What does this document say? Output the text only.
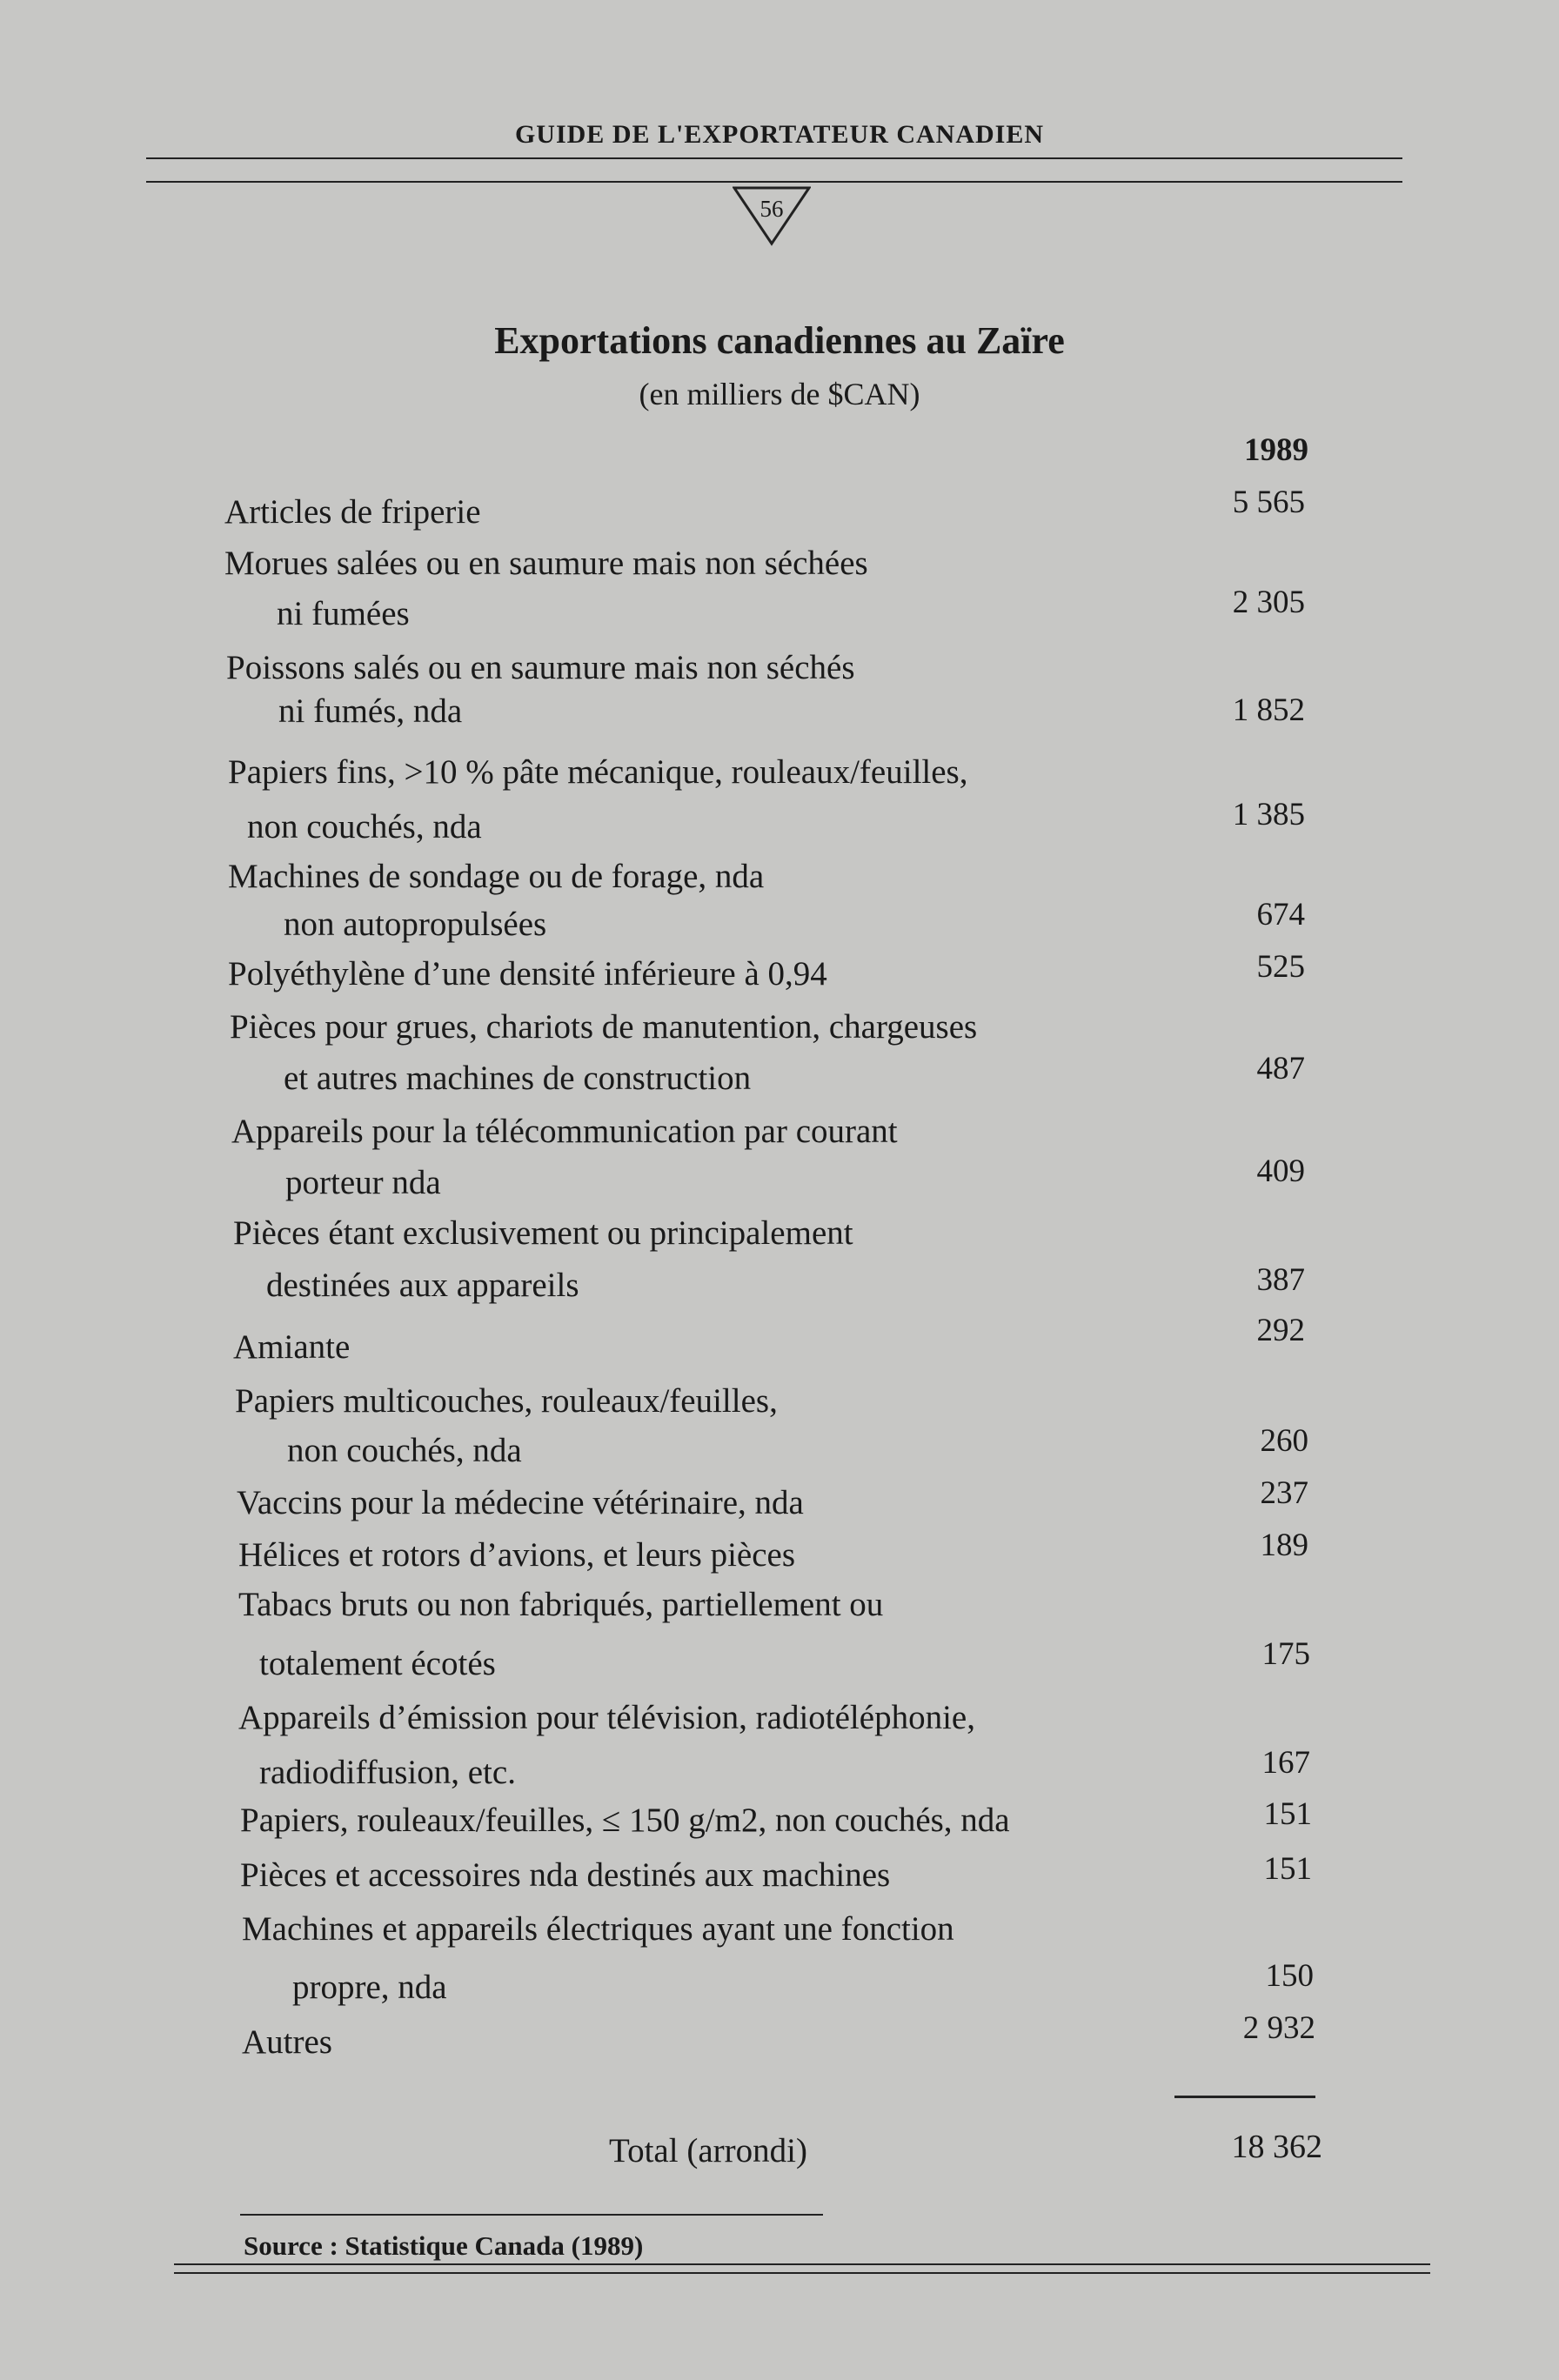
GUIDE DE L'EXPORTATEUR CANADIEN
56
Exportations canadiennes au Zaïre
(en milliers de $CAN)
1989
Articles de friperie	5 565
Morues salées ou en saumure mais non séchées
ni fumées	2 305
Poissons salés ou en saumure mais non séchés
ni fumés, nda	1 852
Papiers fins, >10 % pâte mécanique, rouleaux/feuilles,
non couchés, nda	1 385
Machines de sondage ou de forage, nda
non autopropulsées	674
Polyéthylène d’une densité inférieure à 0,94	525
Pièces pour grues, chariots de manutention, chargeuses
et autres machines de construction	487
Appareils pour la télécommunication par courant
porteur nda	409
Pièces étant exclusivement ou principalement
destinées aux appareils	387
Amiante	292
Papiers multicouches, rouleaux/feuilles,
non couchés, nda	260
Vaccins pour la médecine vétérinaire, nda	237
Hélices et rotors d’avions, et leurs pièces	189
Tabacs bruts ou non fabriqués, partiellement ou
totalement écotés	175
Appareils d’émission pour télévision, radiotéléphonie,
radiodiffusion, etc.	167
Papiers, rouleaux/feuilles, ≤ 150 g/m2, non couchés, nda	151
Pièces et accessoires nda destinés aux machines	151
Machines et appareils électriques ayant une fonction
propre, nda	150
Autres	2 932
Total (arrondi)	18 362
Source : Statistique Canada (1989)
